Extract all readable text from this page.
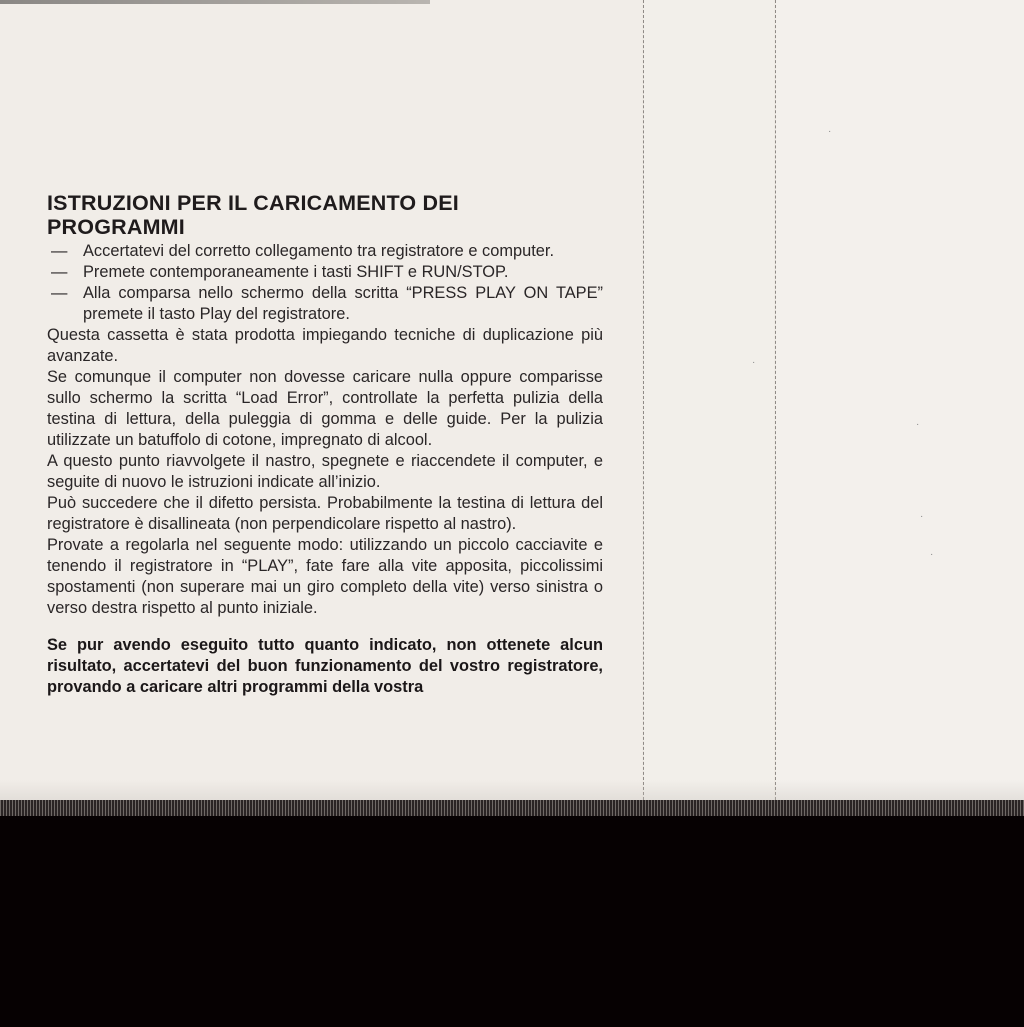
·
·
·
·
·
ISTRUZIONI PER IL CARICAMENTO DEI PROGRAMMI
— Accertatevi del corretto collegamento tra registratore e computer.
— Premete contemporaneamente i tasti SHIFT e RUN/STOP.
— Alla comparsa nello schermo della scritta “PRESS PLAY ON TAPE” premete il tasto Play del registratore.

Questa cassetta è stata prodotta impiegando tecniche di duplicazione più avanzate.

Se comunque il computer non dovesse caricare nulla oppure comparisse sullo schermo la scritta “Load Error”, controllate la perfetta pulizia della testina di lettura, della puleggia di gomma e delle guide. Per la pulizia utilizzate un batuffolo di cotone, impregnato di alcool.

A questo punto riavvolgete il nastro, spegnete e riaccendete il computer, e seguite di nuovo le istruzioni indicate all’inizio.

Può succedere che il difetto persista. Probabilmente la testina di lettura del registratore è disallineata (non perpendicolare rispetto al nastro).

Provate a regolarla nel seguente modo: utilizzando un piccolo cacciavite e tenendo il registratore in “PLAY”, fate fare alla vite apposita, piccolissimi spostamenti (non superare mai un giro completo della vite) verso sinistra o verso destra rispetto al punto iniziale.

Se pur avendo eseguito tutto quanto indicato, non ottenete alcun risultato, accertatevi del buon funzionamento del vostro registratore, provando a caricare altri programmi della vostra
